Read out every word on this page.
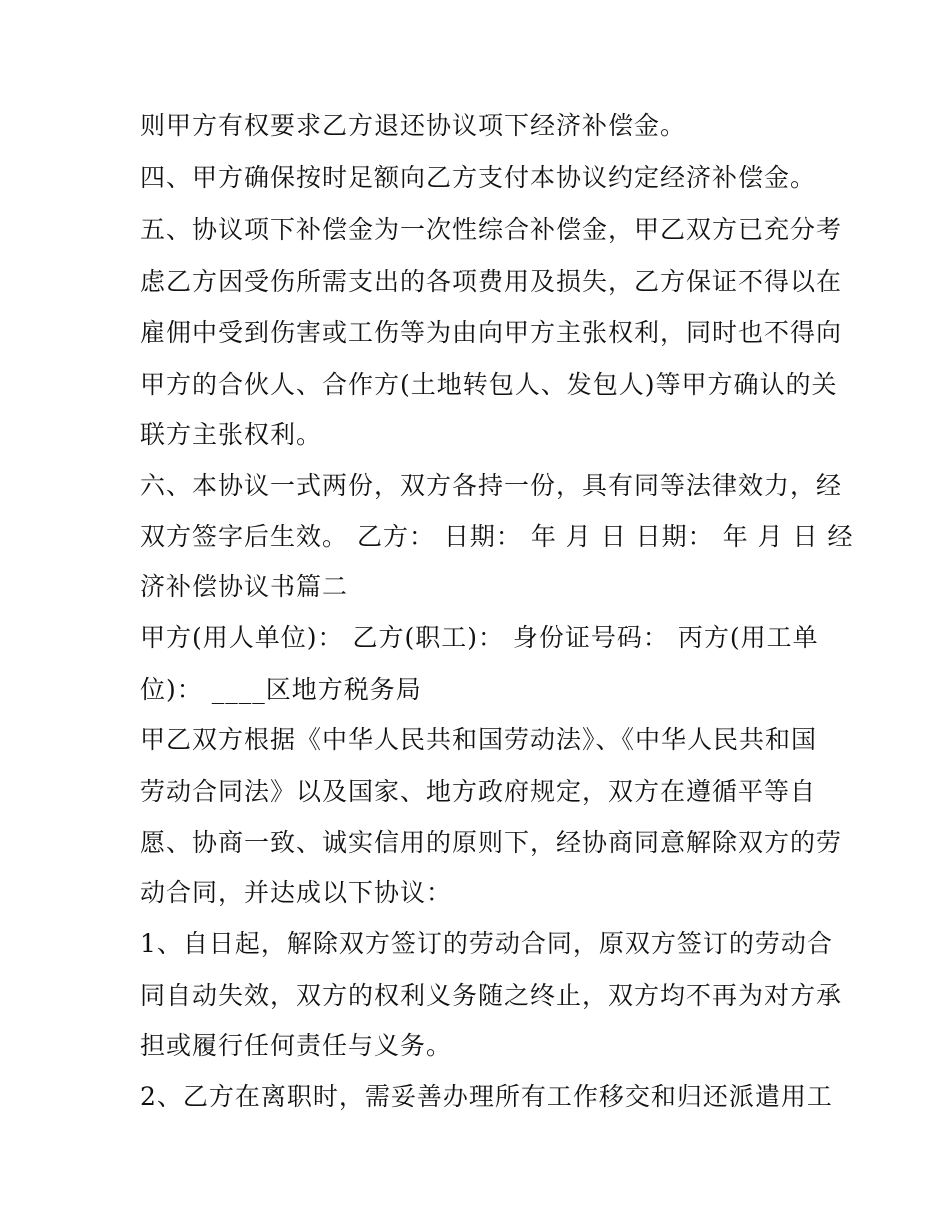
则甲方有权要求乙方退还协议项下经济补偿金。
四、甲方确保按时足额向乙方支付本协议约定经济补偿金。
五、协议项下补偿金为一次性综合补偿金，甲乙双方已充分考
虑乙方因受伤所需支出的各项费用及损失，乙方保证不得以在
雇佣中受到伤害或工伤等为由向甲方主张权利，同时也不得向
甲方的合伙人、合作方(土地转包人、发包人)等甲方确认的关
联方主张权利。
六、本协议一式两份，双方各持一份，具有同等法律效力，经
双方签字后生效。 乙方： 日期： 年 月 日 日期： 年 月 日 经
济补偿协议书篇二
甲方(用人单位)： 乙方(职工)： 身份证号码： 丙方(用工单
位)： ____区地方税务局
甲乙双方根据《中华人民共和国劳动法》、《中华人民共和国
劳动合同法》以及国家、地方政府规定，双方在遵循平等自
愿、协商一致、诚实信用的原则下，经协商同意解除双方的劳
动合同，并达成以下协议：
1、自日起，解除双方签订的劳动合同，原双方签订的劳动合
同自动失效，双方的权利义务随之终止，双方均不再为对方承
担或履行任何责任与义务。
2、乙方在离职时，需妥善办理所有工作移交和归还派遣用工
